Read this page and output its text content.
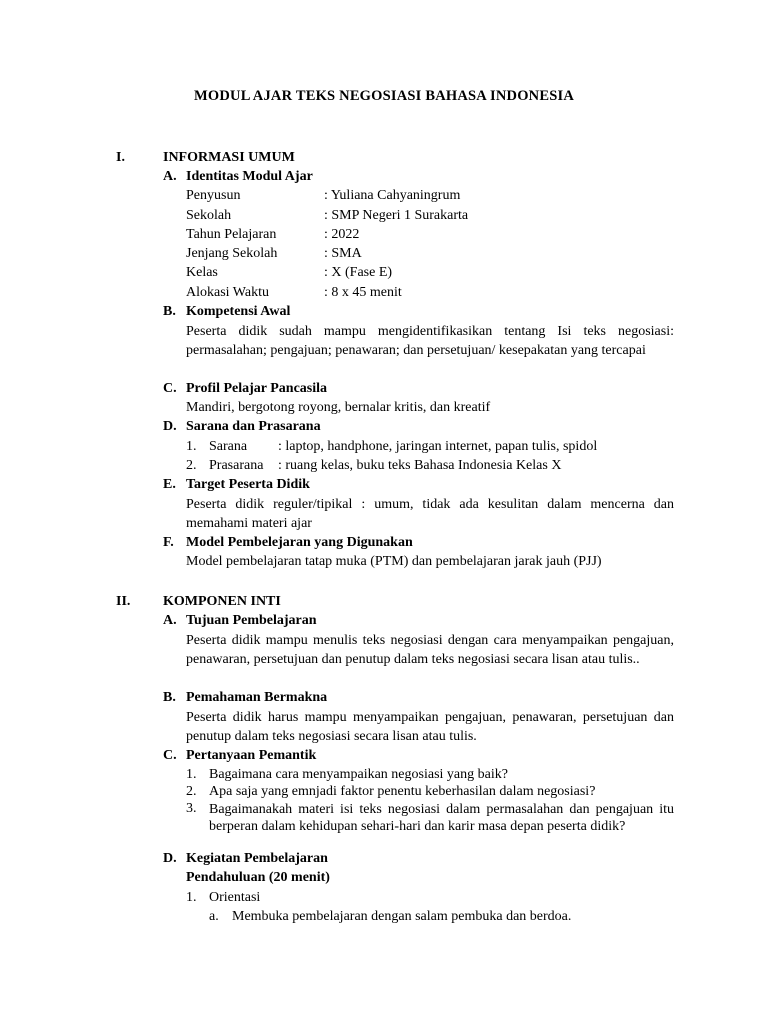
MODUL AJAR TEKS NEGOSIASI BAHASA INDONESIA
I.	INFORMASI UMUM
A. Identitas Modul Ajar
Penyusun	: Yuliana Cahyaningrum
Sekolah	: SMP Negeri 1 Surakarta
Tahun Pelajaran	: 2022
Jenjang Sekolah	: SMA
Kelas	: X (Fase E)
Alokasi Waktu	: 8 x 45 menit
B. Kompetensi Awal
Peserta didik sudah mampu mengidentifikasikan tentang Isi teks negosiasi: permasalahan; pengajuan; penawaran; dan persetujuan/ kesepakatan yang tercapai
C. Profil Pelajar Pancasila
Mandiri, bergotong royong, bernalar kritis, dan kreatif
D. Sarana dan Prasarana
1. Sarana : laptop, handphone, jaringan internet, papan tulis, spidol
2. Prasarana : ruang kelas, buku teks Bahasa Indonesia Kelas X
E. Target Peserta Didik
Peserta didik reguler/tipikal : umum, tidak ada kesulitan dalam mencerna dan memahami materi ajar
F. Model Pembelejaran yang Digunakan
Model pembelajaran tatap muka (PTM) dan pembelajaran jarak jauh (PJJ)
II. KOMPONEN INTI
A. Tujuan Pembelajaran
Peserta didik mampu menulis teks negosiasi dengan cara menyampaikan pengajuan, penawaran, persetujuan dan penutup dalam teks negosiasi secara lisan atau tulis..
B. Pemahaman Bermakna
Peserta didik harus mampu menyampaikan pengajuan, penawaran, persetujuan dan penutup dalam teks negosiasi secara lisan atau tulis.
C. Pertanyaan Pemantik
1. Bagaimana cara menyampaikan negosiasi yang baik?
2. Apa saja yang emnjadi faktor penentu keberhasilan dalam negosiasi?
3. Bagaimanakah materi isi teks negosiasi dalam permasalahan dan pengajuan itu berperan dalam kehidupan sehari-hari dan karir masa depan peserta didik?
D. Kegiatan Pembelajaran
Pendahuluan (20 menit)
1. Orientasi
a. Membuka pembelajaran dengan salam pembuka dan berdoa.
